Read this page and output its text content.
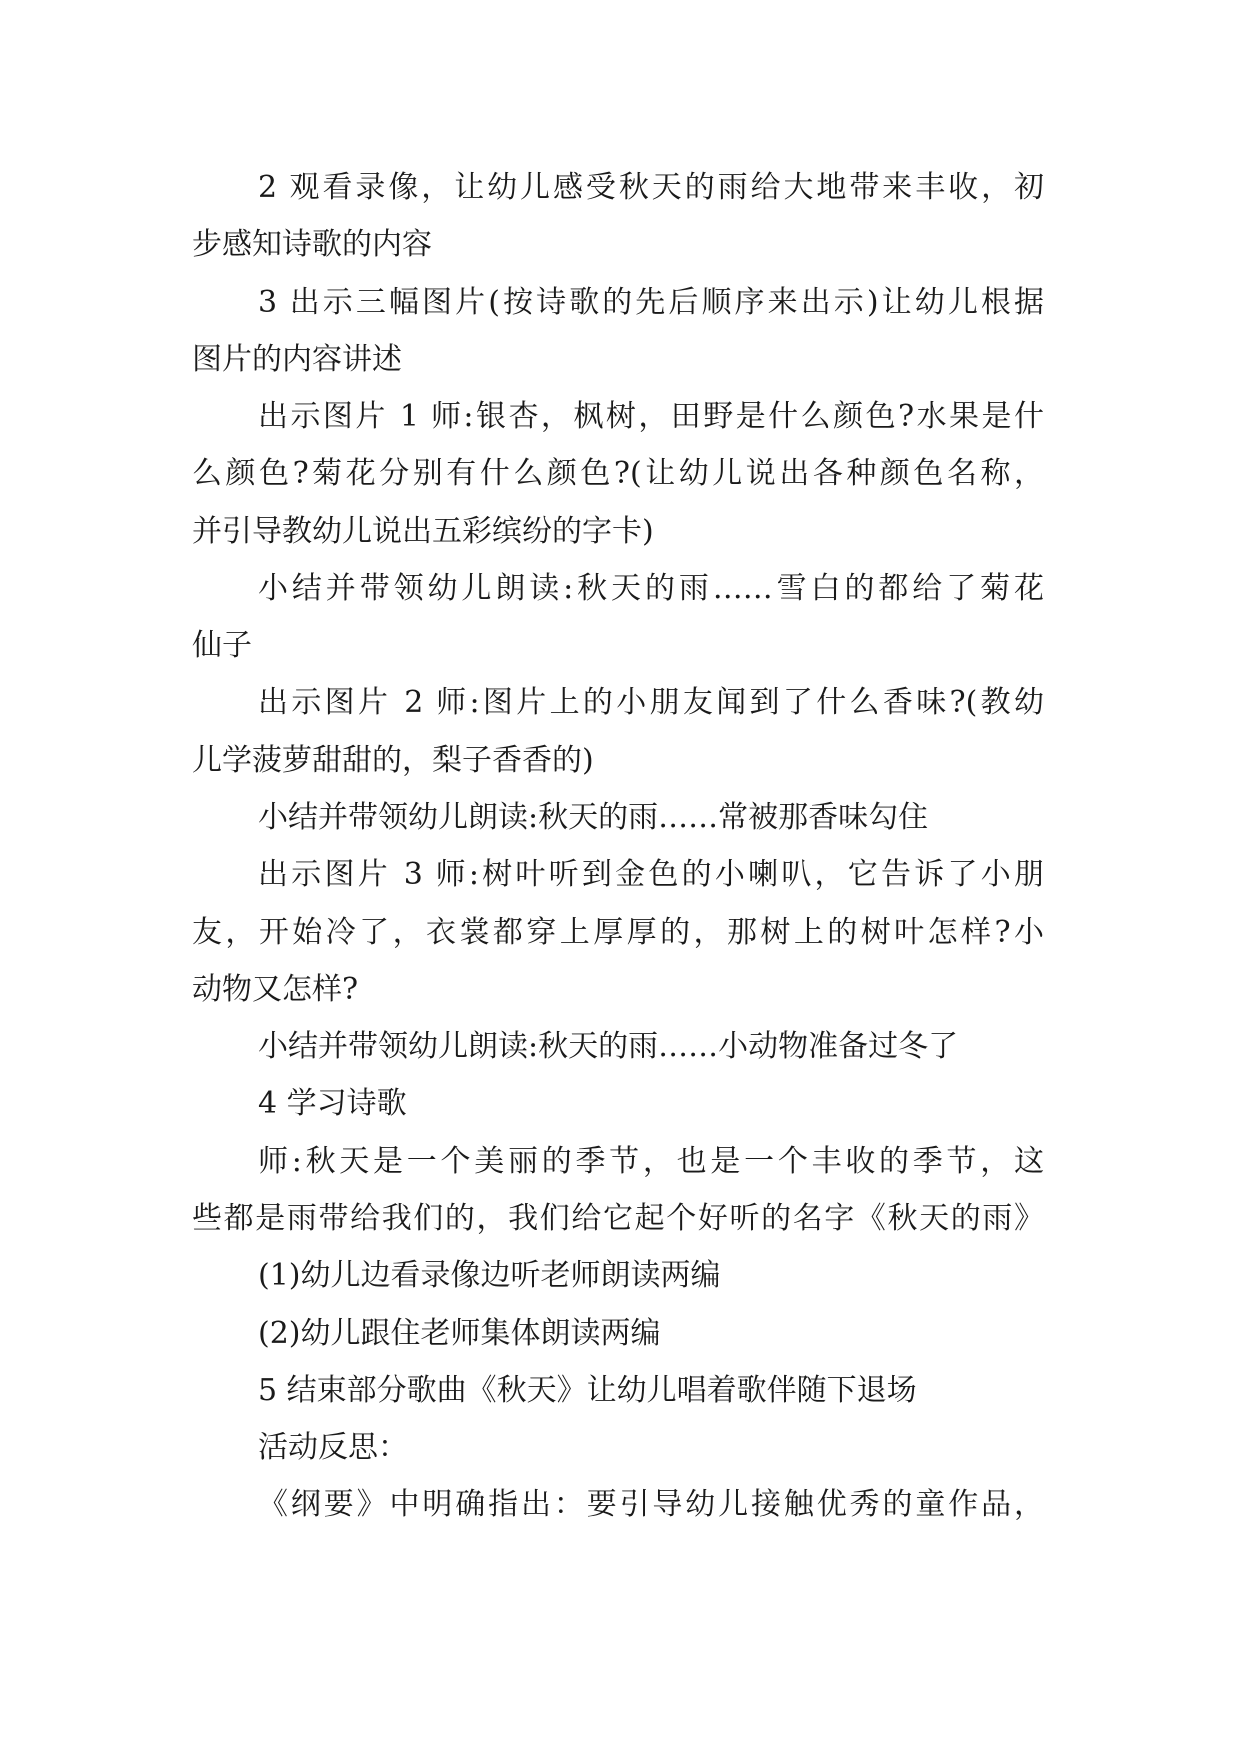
2 观看录像，让幼儿感受秋天的雨给大地带来丰收，初
步感知诗歌的内容
3 出示三幅图片(按诗歌的先后顺序来出示)让幼儿根据
图片的内容讲述
出示图片 1 师:银杏，枫树，田野是什么颜色?水果是什
么颜色?菊花分别有什么颜色?(让幼儿说出各种颜色名称，
并引导教幼儿说出五彩缤纷的字卡)
小结并带领幼儿朗读:秋天的雨……雪白的都给了菊花
仙子
出示图片 2 师:图片上的小朋友闻到了什么香味?(教幼
儿学菠萝甜甜的，梨子香香的)
小结并带领幼儿朗读:秋天的雨……常被那香味勾住
出示图片 3 师:树叶听到金色的小喇叭，它告诉了小朋
友，开始冷了，衣裳都穿上厚厚的，那树上的树叶怎样?小
动物又怎样?
小结并带领幼儿朗读:秋天的雨……小动物准备过冬了
4 学习诗歌
师:秋天是一个美丽的季节，也是一个丰收的季节，这
些都是雨带给我们的，我们给它起个好听的名字《秋天的雨》
(1)幼儿边看录像边听老师朗读两编
(2)幼儿跟住老师集体朗读两编
5 结束部分歌曲《秋天》让幼儿唱着歌伴随下退场
活动反思：
《纲要》中明确指出：要引导幼儿接触优秀的童作品，
